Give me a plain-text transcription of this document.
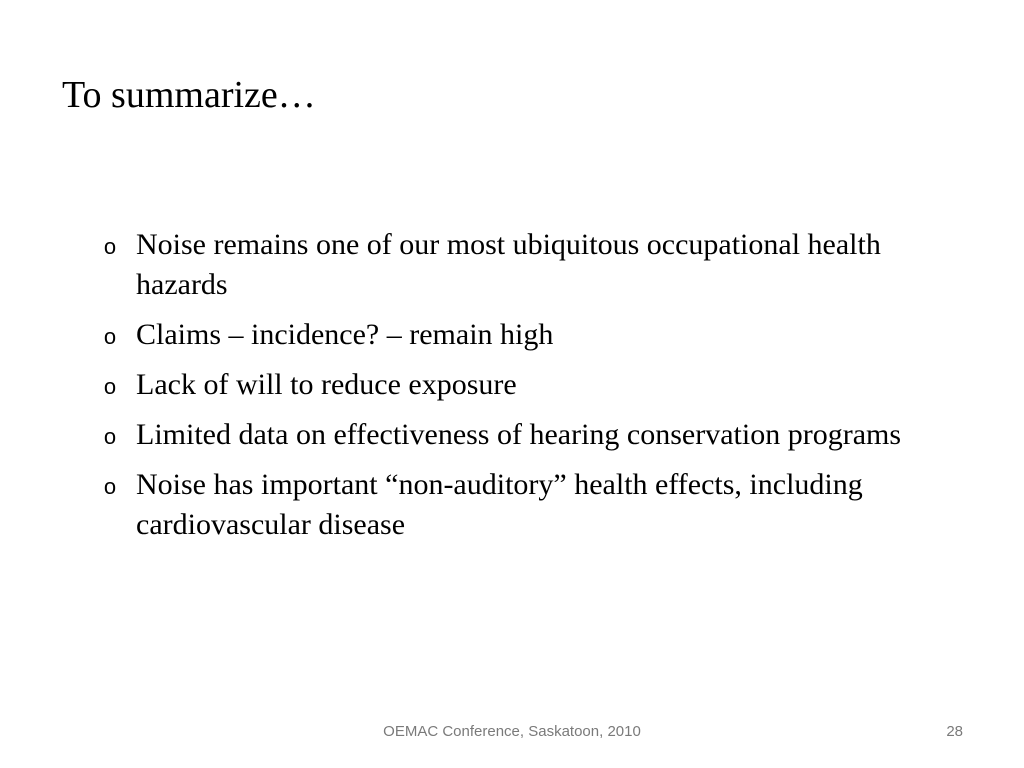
To summarize…
o Noise remains one of our most ubiquitous occupational health hazards
o Claims – incidence? – remain high
o Lack of will to reduce exposure
o Limited data on effectiveness of hearing conservation programs
o Noise has important “non-auditory” health effects, including cardiovascular disease
OEMAC Conference, Saskatoon, 2010	28
